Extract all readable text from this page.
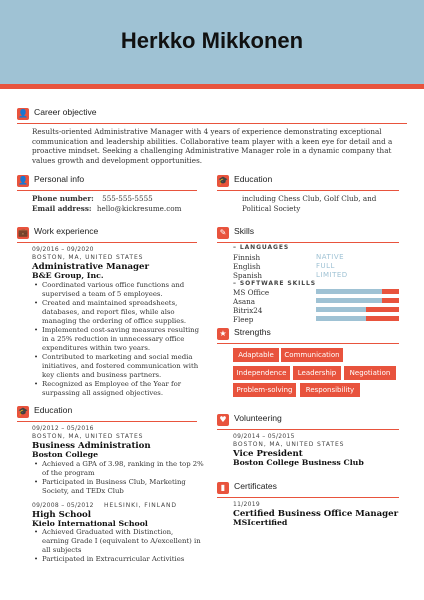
Herkko Mikkonen
👤 Career objective
Results-oriented Administrative Manager with 4 years of experience demonstrating exceptional communication and leadership abilities. Collaborative team player with a keen eye for detail and a proactive mindset. Seeking a challenging Administrative Manager role in a dynamic company that values growth and development opportunities.
👤 Personal info
Phone number: 555-555-5555
Email address: hello@kickresume.com
🎓 Education
including Chess Club, Golf Club, and Political Society
💼 Work experience
09/2016 – 09/2020
BOSTON, MA, UNITED STATES
Administrative Manager
B&E Group, Inc.
• Coordinated various office functions and supervised a team of 5 employees.
• Created and maintained spreadsheets, databases, and report files, while also managing the ordering of office supplies.
• Implemented cost-saving measures resulting in a 25% reduction in unnecessary office expenditures within two years.
• Contributed to marketing and social media initiatives, and fostered communication with key clients and business partners.
• Recognized as Employee of the Year for surpassing all assigned objectives.
🎓 Education
09/2012 – 05/2016
BOSTON, MA, UNITED STATES
Business Administration
Boston College
• Achieved a GPA of 3.98, ranking in the top 2% of the program
• Participated in Business Club, Marketing Society, and TEDx Club
09/2008 – 05/2012 HELSINKI, FINLAND
High School
Kielo International School
• Achieved Graduated with Distinction, earning Grade I (equivalent to A/excellent) in all subjects
• Participated in Extracurricular Activities
✎ Skills
– LANGUAGES
Finnish	NATIVE
English	FULL
Spanish	LIMITED
– SOFTWARE SKILLS
MS Office
Asana
Bitrix24
Fleep
★ Strengths
Adaptable	Communication
Independence	Leadership	Negotiation
Problem-solving	Responsibility
♥ Volunteering
09/2014 – 05/2015
BOSTON, MA, UNITED STATES
Vice President
Boston College Business Club
▮	Certificates
11/2019
Certified Business Office Manager
MSIcertified
